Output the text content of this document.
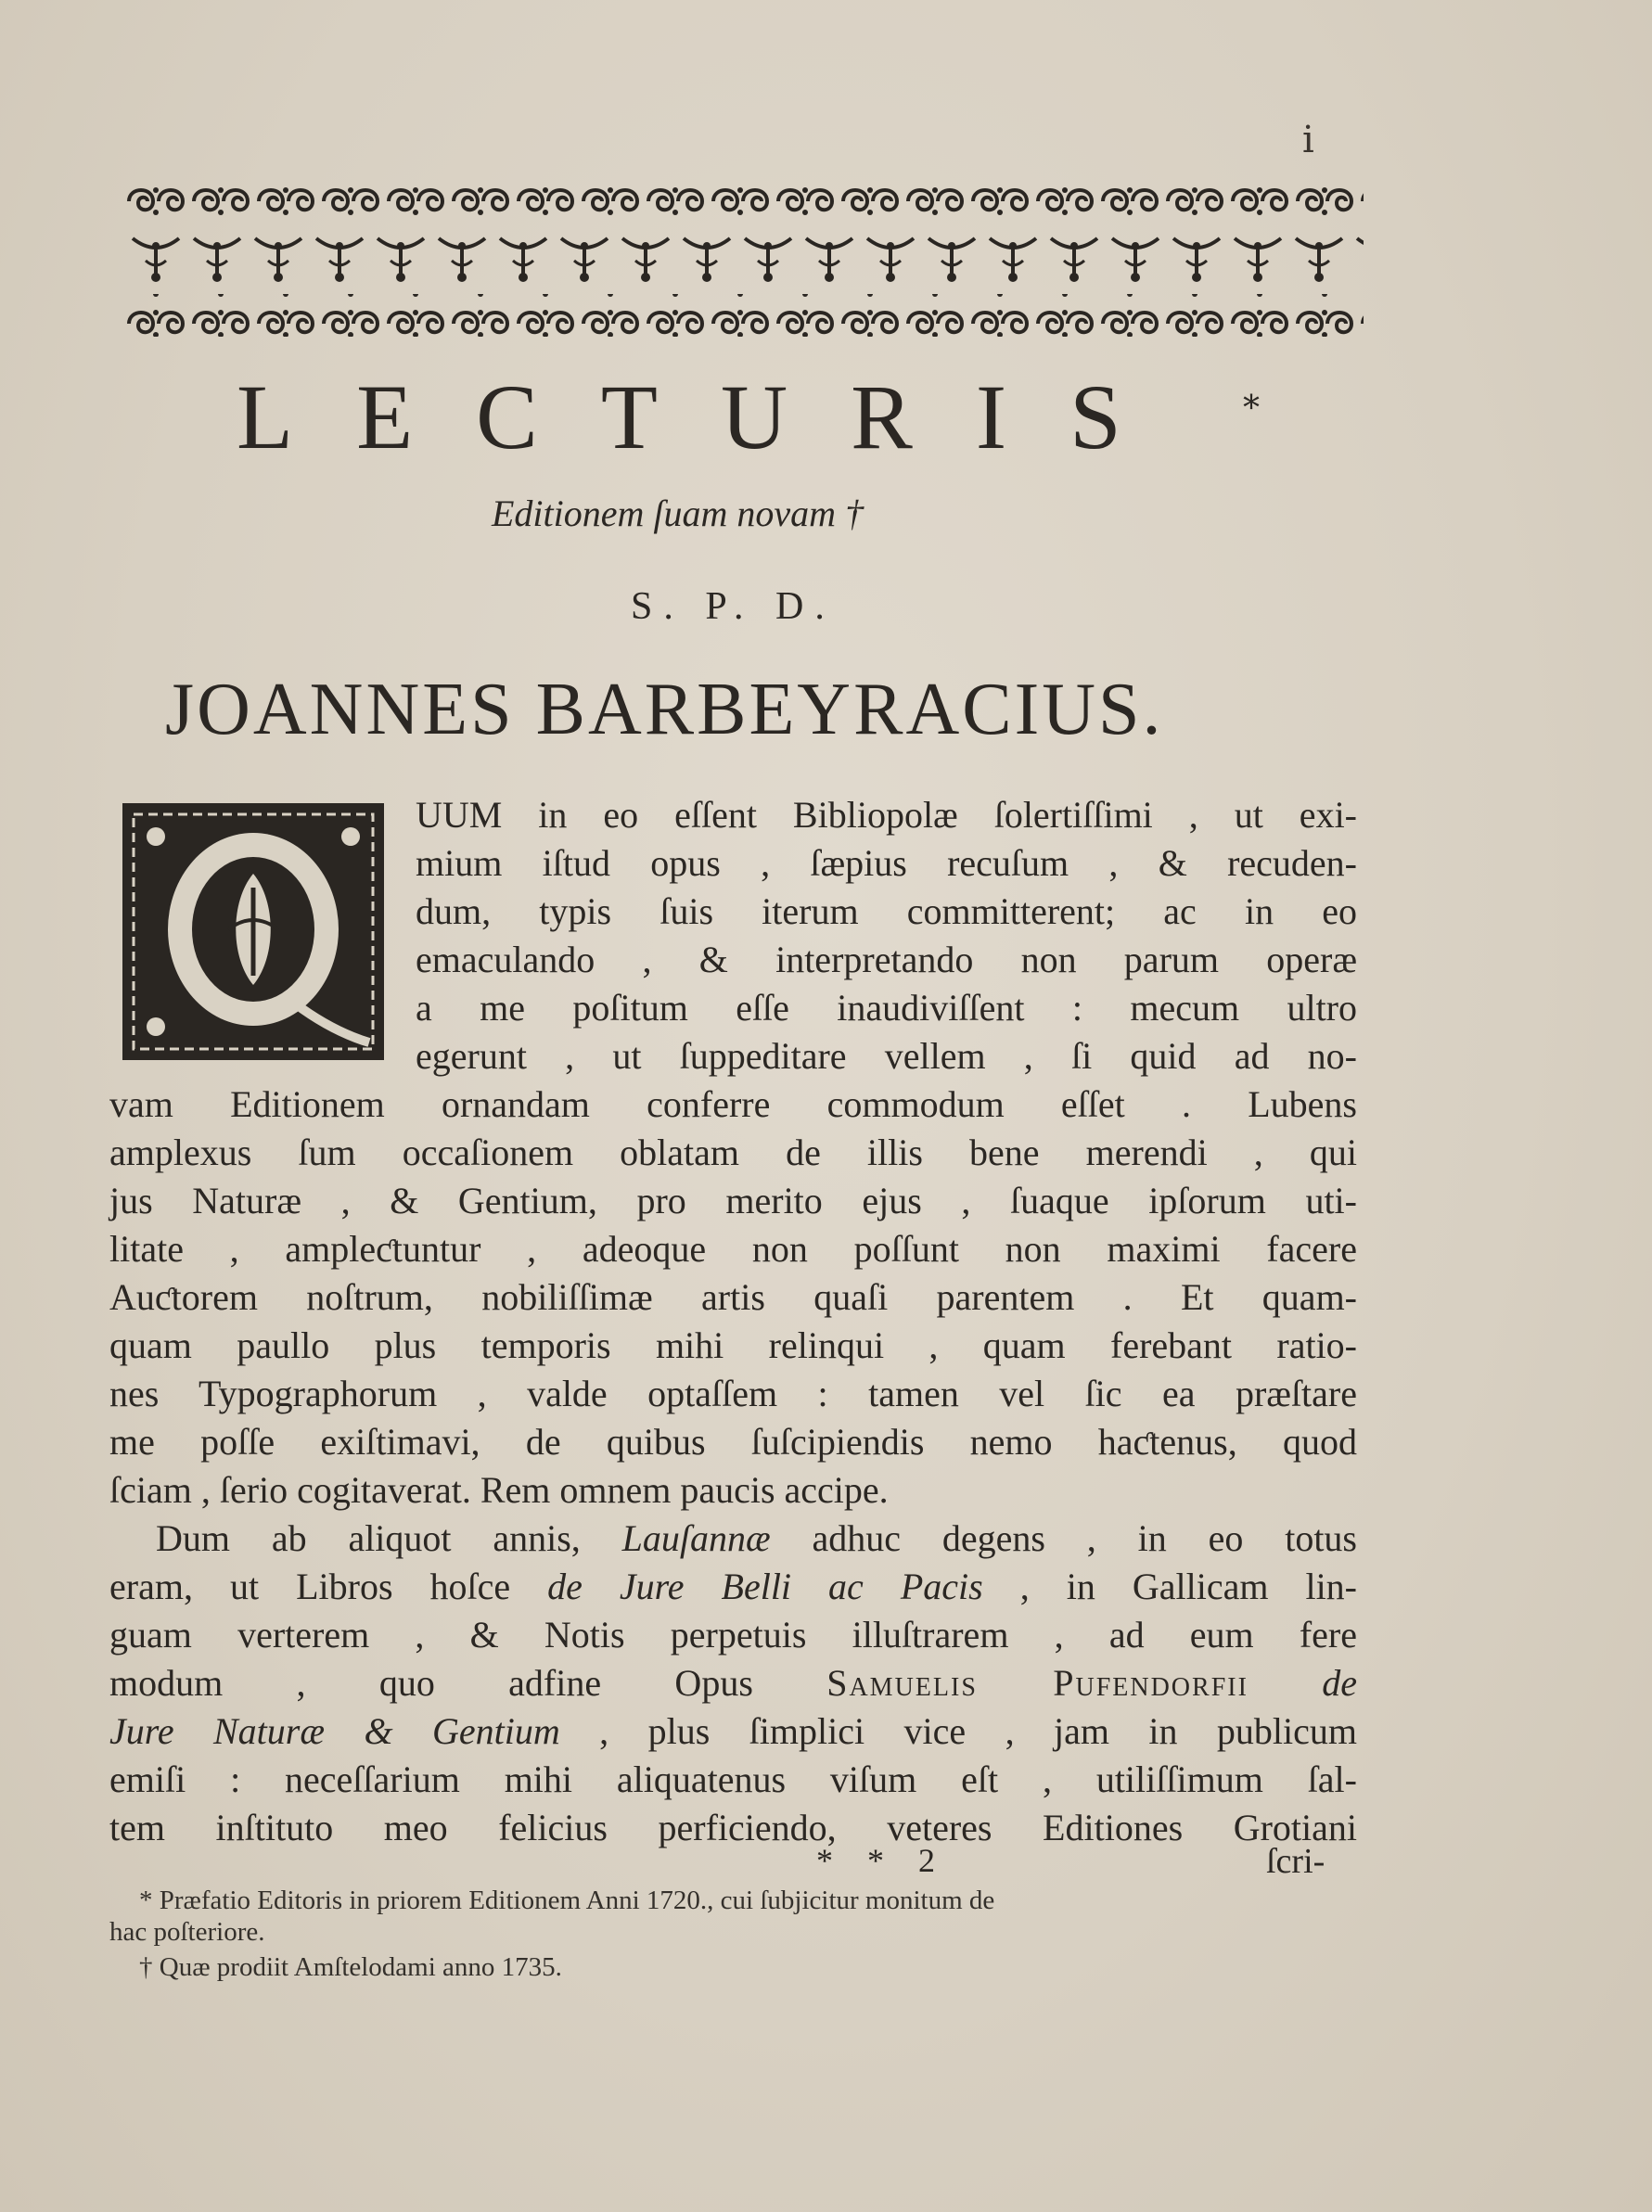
i
LECTURIS	*
Editionem ſuam novam †
S. P. D.
JOANNES BARBEYRACIUS.
UUM in eo eſſent Bibliopolæ ſolertiſſimi , ut exi-
mium iſtud opus , ſæpius recuſum , & recuden-
dum, typis ſuis iterum committerent; ac in eo
emaculando , & interpretando non parum operæ
a me poſitum eſſe inaudiviſſent : mecum ultro
egerunt , ut ſuppeditare vellem , ſi quid ad no-
vam Editionem ornandam conferre commodum eſſet . Lubens
amplexus ſum occaſionem oblatam de illis bene merendi , qui
jus Naturæ , & Gentium, pro merito ejus , ſuaque ipſorum uti-
litate , ampleƈtuntur , adeoque non poſſunt non maximi facere
Auƈtorem noſtrum, nobiliſſimæ artis quaſi parentem . Et quam-
quam paullo plus temporis mihi relinqui , quam ferebant ratio-
nes Typographorum , valde optaſſem : tamen vel ſic ea præſtare
me poſſe exiſtimavi, de quibus ſuſcipiendis nemo haƈtenus, quod
ſciam , ſerio cogitaverat. Rem omnem paucis accipe.
Dum ab aliquot annis, Lauſannæ adhuc degens , in eo totus
eram, ut Libros hoſce de Jure Belli ac Pacis , in Gallicam lin-
guam verterem , & Notis perpetuis illuſtrarem , ad eum fere
modum , quo adfine Opus Samuelis Pufendorfii de
Jure Naturæ & Gentium , plus ſimplici vice , jam in publicum
emiſi : neceſſarium mihi aliquatenus viſum eſt , utiliſſimum ſal-
tem inſtituto meo felicius perficiendo, veteres Editiones Grotiani
* * 2	ſcri-
* Præfatio Editoris in priorem Editionem Anni 1720., cui ſubjicitur monitum de
hac poſteriore.
† Quæ prodiit Amſtelodami anno 1735.
